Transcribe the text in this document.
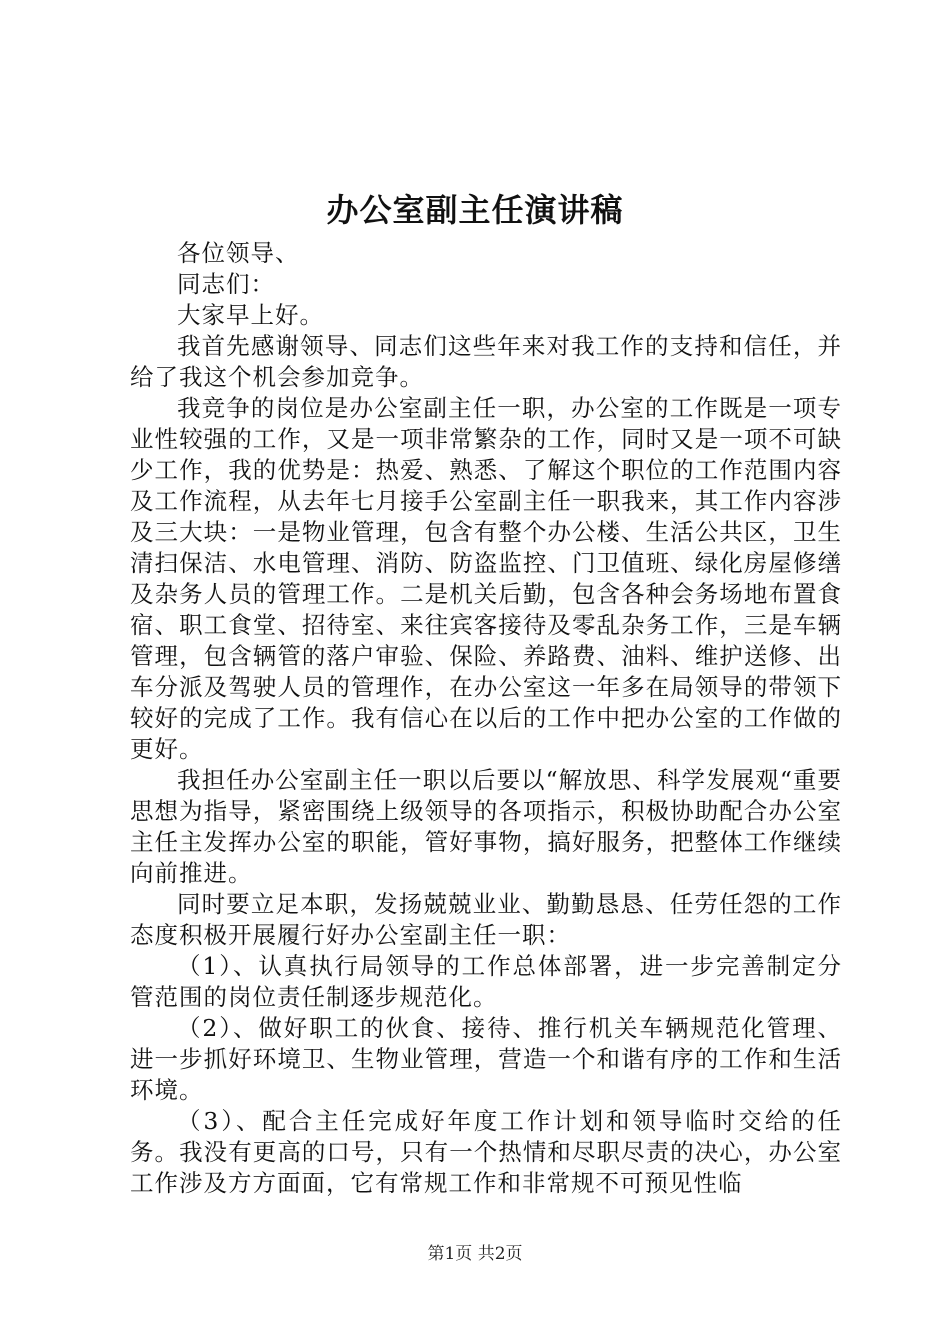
办公室副主任演讲稿

各位领导、

同志们：

大家早上好。

我首先感谢领导、同志们这些年来对我工作的支持和信任，并给了我这个机会参加竞争。

我竞争的岗位是办公室副主任一职，办公室的工作既是一项专业性较强的工作，又是一项非常繁杂的工作，同时又是一项不可缺少工作，我的优势是：热爱、熟悉、了解这个职位的工作范围内容及工作流程，从去年七月接手公室副主任一职我来，其工作内容涉及三大块：一是物业管理，包含有整个办公楼、生活公共区，卫生清扫保洁、水电管理、消防、防盗监控、门卫值班、绿化房屋修缮及杂务人员的管理工作。二是机关后勤，包含各种会务场地布置食宿、职工食堂、招待室、来往宾客接待及零乱杂务工作，三是车辆管理，包含辆管的落户审验、保险、养路费、油料、维护送修、出车分派及驾驶人员的管理作，在办公室这一年多在局领导的带领下较好的完成了工作。我有信心在以后的工作中把办公室的工作做的更好。

我担任办公室副主任一职以后要以“解放思、科学发展观“重要思想为指导，紧密围绕上级领导的各项指示，积极协助配合办公室主任主发挥办公室的职能，管好事物，搞好服务，把整体工作继续向前推进。

同时要立足本职，发扬兢兢业业、勤勤恳恳、任劳任怨的工作态度积极开展履行好办公室副主任一职：

（1）、认真执行局领导的工作总体部署，进一步完善制定分管范围的岗位责任制逐步规范化。

（2）、做好职工的伙食、接待、推行机关车辆规范化管理、进一步抓好环境卫、生物业管理，营造一个和谐有序的工作和生活环境。

（3）、配合主任完成好年度工作计划和领导临时交给的任务。我没有更高的口号，只有一个热情和尽职尽责的决心，办公室工作涉及方方面面，它有常规工作和非常规不可预见性临

第1页 共2页
